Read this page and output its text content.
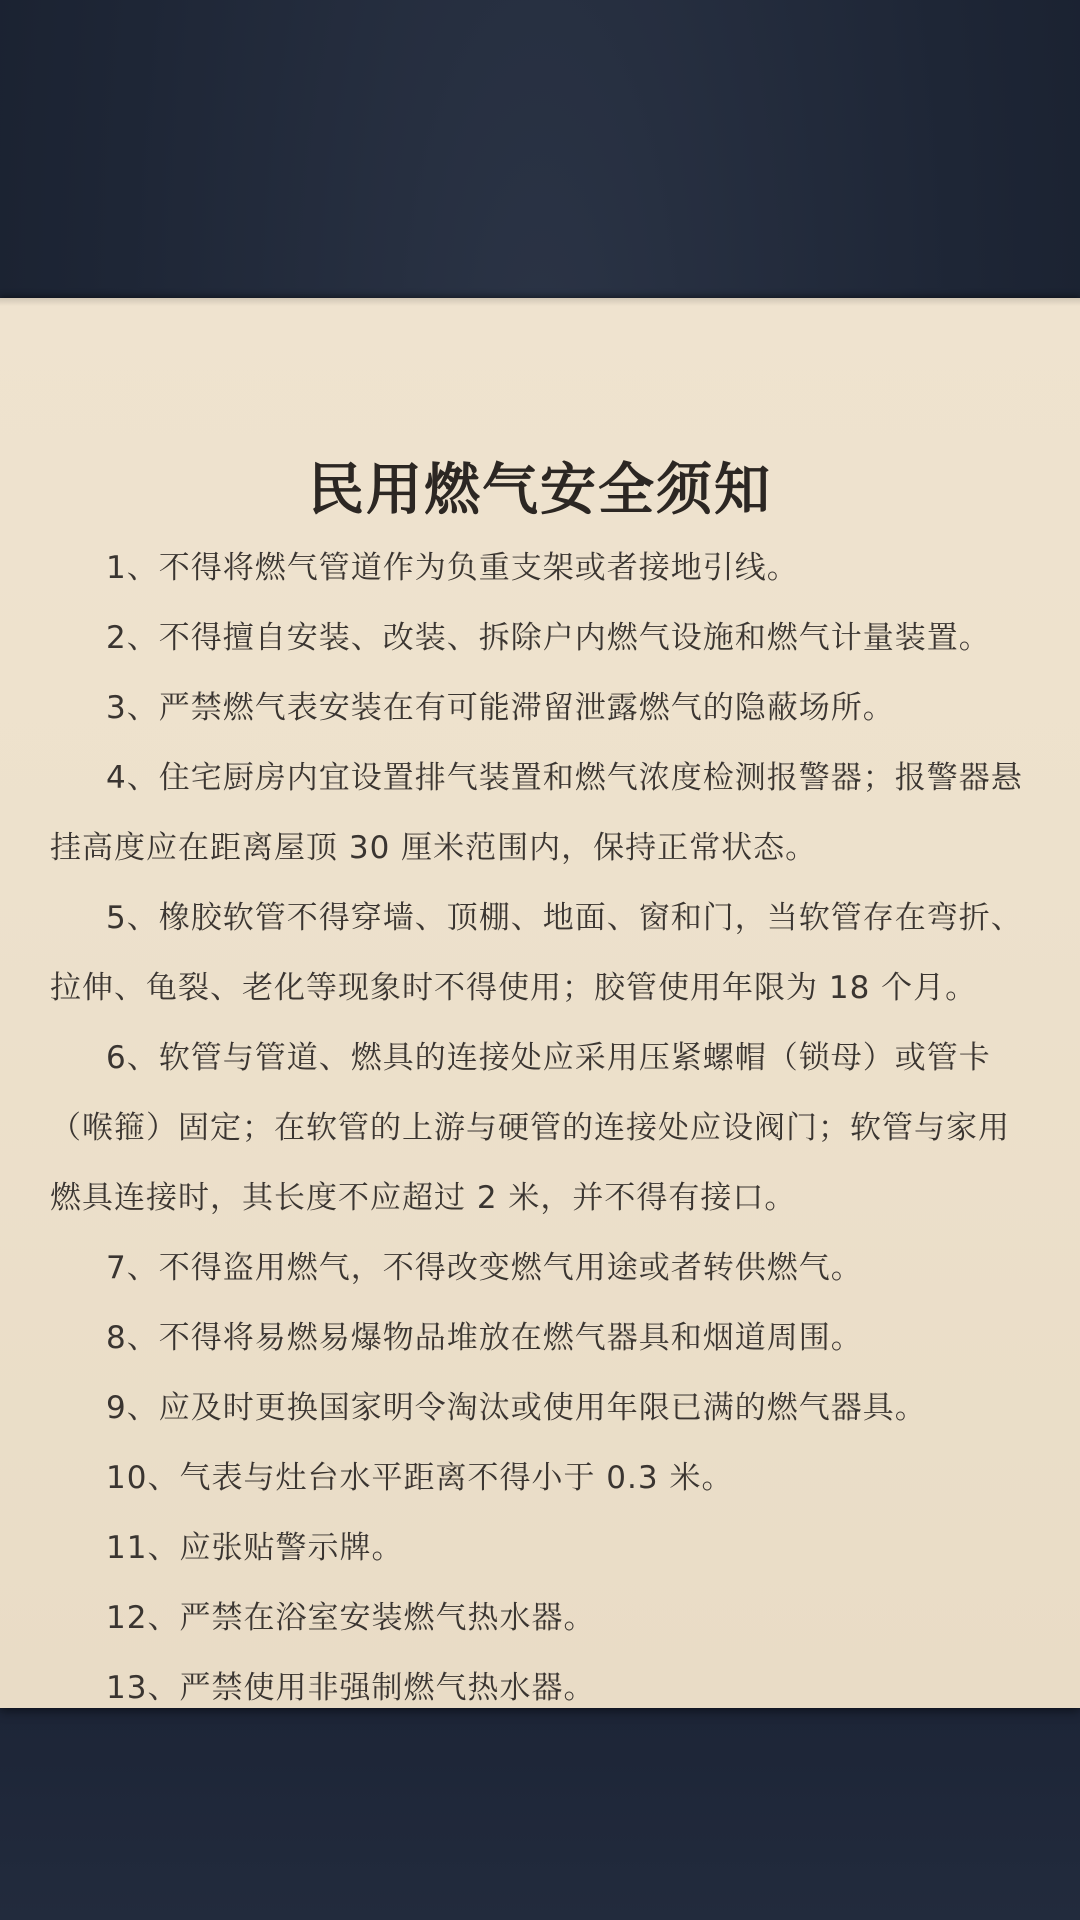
民用燃气安全须知
1、不得将燃气管道作为负重支架或者接地引线。
2、不得擅自安装、改装、拆除户内燃气设施和燃气计量装置。
3、严禁燃气表安装在有可能滞留泄露燃气的隐蔽场所。
4、住宅厨房内宜设置排气装置和燃气浓度检测报警器；报警器悬挂高度应在距离屋顶 30 厘米范围内，保持正常状态。
5、橡胶软管不得穿墙、顶棚、地面、窗和门，当软管存在弯折、拉伸、龟裂、老化等现象时不得使用；胶管使用年限为 18 个月。
6、软管与管道、燃具的连接处应采用压紧螺帽（锁母）或管卡（喉箍）固定；在软管的上游与硬管的连接处应设阀门；软管与家用燃具连接时，其长度不应超过 2 米，并不得有接口。
7、不得盗用燃气，不得改变燃气用途或者转供燃气。
8、不得将易燃易爆物品堆放在燃气器具和烟道周围。
9、应及时更换国家明令淘汰或使用年限已满的燃气器具。
10、气表与灶台水平距离不得小于 0.3 米。
11、应张贴警示牌。
12、严禁在浴室安装燃气热水器。
13、严禁使用非强制燃气热水器。
